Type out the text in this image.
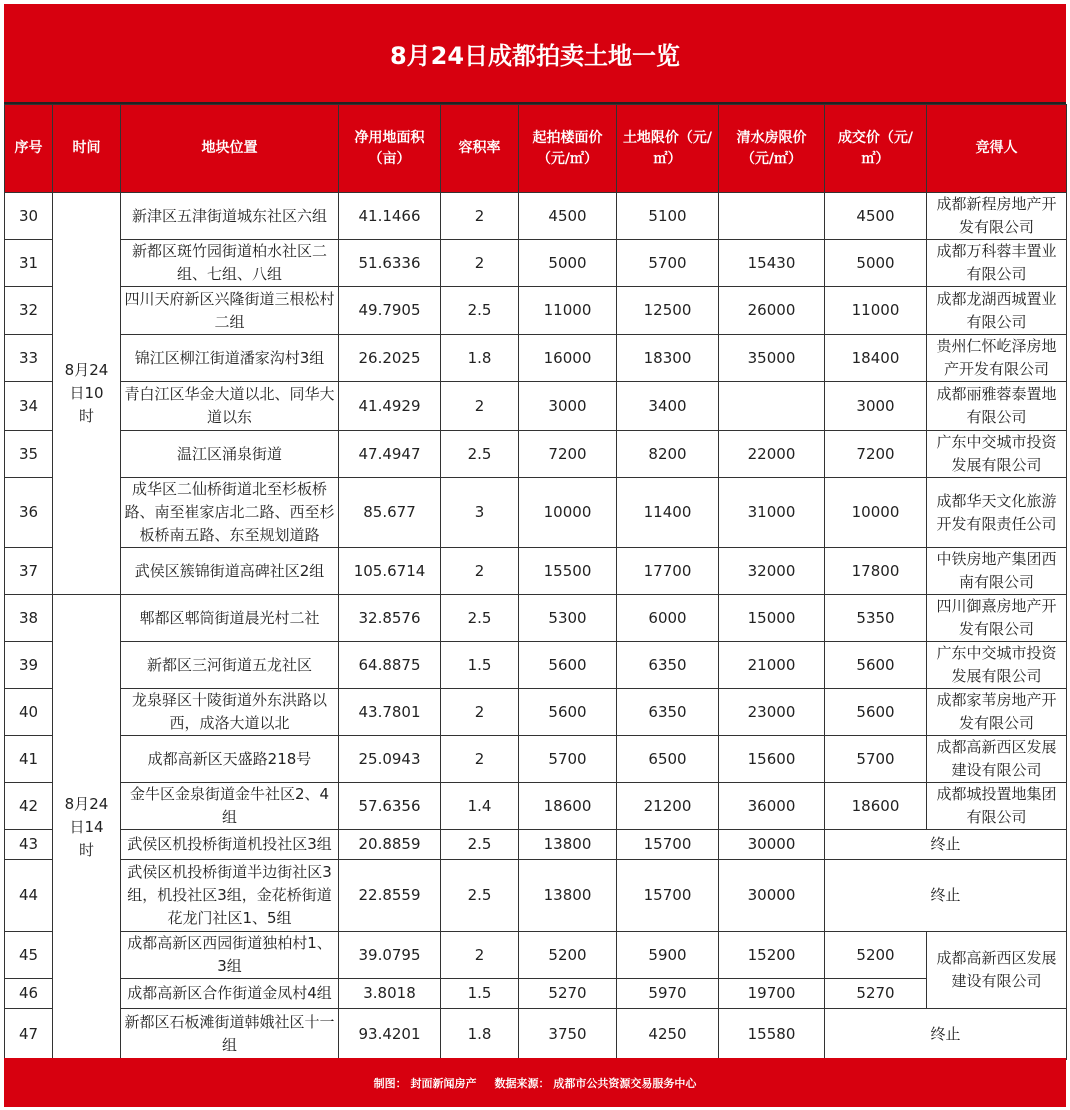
8月24日成都拍卖土地一览
序号	时间	地块位置	净用地面积（亩）	容积率	起拍楼面价（元/㎡）	土地限价（元/㎡）	清水房限价（元/㎡）	成交价（元/㎡）	竞得人
30	8月24日10时	新津区五津街道城东社区六组	41.1466	2	4500	5100		4500	成都新程房地产开发有限公司
31		新都区斑竹园街道柏水社区二组、七组、八组	51.6336	2	5000	5700	15430	5000	成都万科蓉丰置业有限公司
32		四川天府新区兴隆街道三根松村二组	49.7905	2.5	11000	12500	26000	11000	成都龙湖西城置业有限公司
33		锦江区柳江街道潘家沟村3组	26.2025	1.8	16000	18300	35000	18400	贵州仁怀屹泽房地产开发有限公司
34		青白江区华金大道以北、同华大道以东	41.4929	2	3000	3400		3000	成都丽雅蓉泰置地有限公司
35		温江区涌泉街道	47.4947	2.5	7200	8200	22000	7200	广东中交城市投资发展有限公司
36		成华区二仙桥街道北至杉板桥路、南至崔家店北二路、西至杉板桥南五路、东至规划道路	85.677	3	10000	11400	31000	10000	成都华天文化旅游开发有限责任公司
37		武侯区簇锦街道高碑社区2组	105.6714	2	15500	17700	32000	17800	中铁房地产集团西南有限公司
38	8月24日14时	郫都区郫筒街道晨光村二社	32.8576	2.5	5300	6000	15000	5350	四川御熹房地产开发有限公司
39		新都区三河街道五龙社区	64.8875	1.5	5600	6350	21000	5600	广东中交城市投资发展有限公司
40		龙泉驿区十陵街道外东洪路以西，成洛大道以北	43.7801	2	5600	6350	23000	5600	成都家苇房地产开发有限公司
41		成都高新区天盛路218号	25.0943	2	5700	6500	15600	5700	成都高新西区发展建设有限公司
42		金牛区金泉街道金牛社区2、4组	57.6356	1.4	18600	21200	36000	18600	成都城投置地集团有限公司
43		武侯区机投桥街道机投社区3组	20.8859	2.5	13800	15700	30000	终止	
44		武侯区机投桥街道半边街社区3组，机投社区3组，金花桥街道花龙门社区1、5组	22.8559	2.5	13800	15700	30000	终止	
45		成都高新区西园街道独柏村1、3组	39.0795	2	5200	5900	15200	5200	成都高新西区发展建设有限公司
46		成都高新区合作街道金凤村4组	3.8018	1.5	5270	5970	19700	5270	
47		新都区石板滩街道韩娥社区十一组	93.4201	1.8	3750	4250	15580	终止	
制图： 封面新闻房产 数据来源： 成都市公共资源交易服务中心
